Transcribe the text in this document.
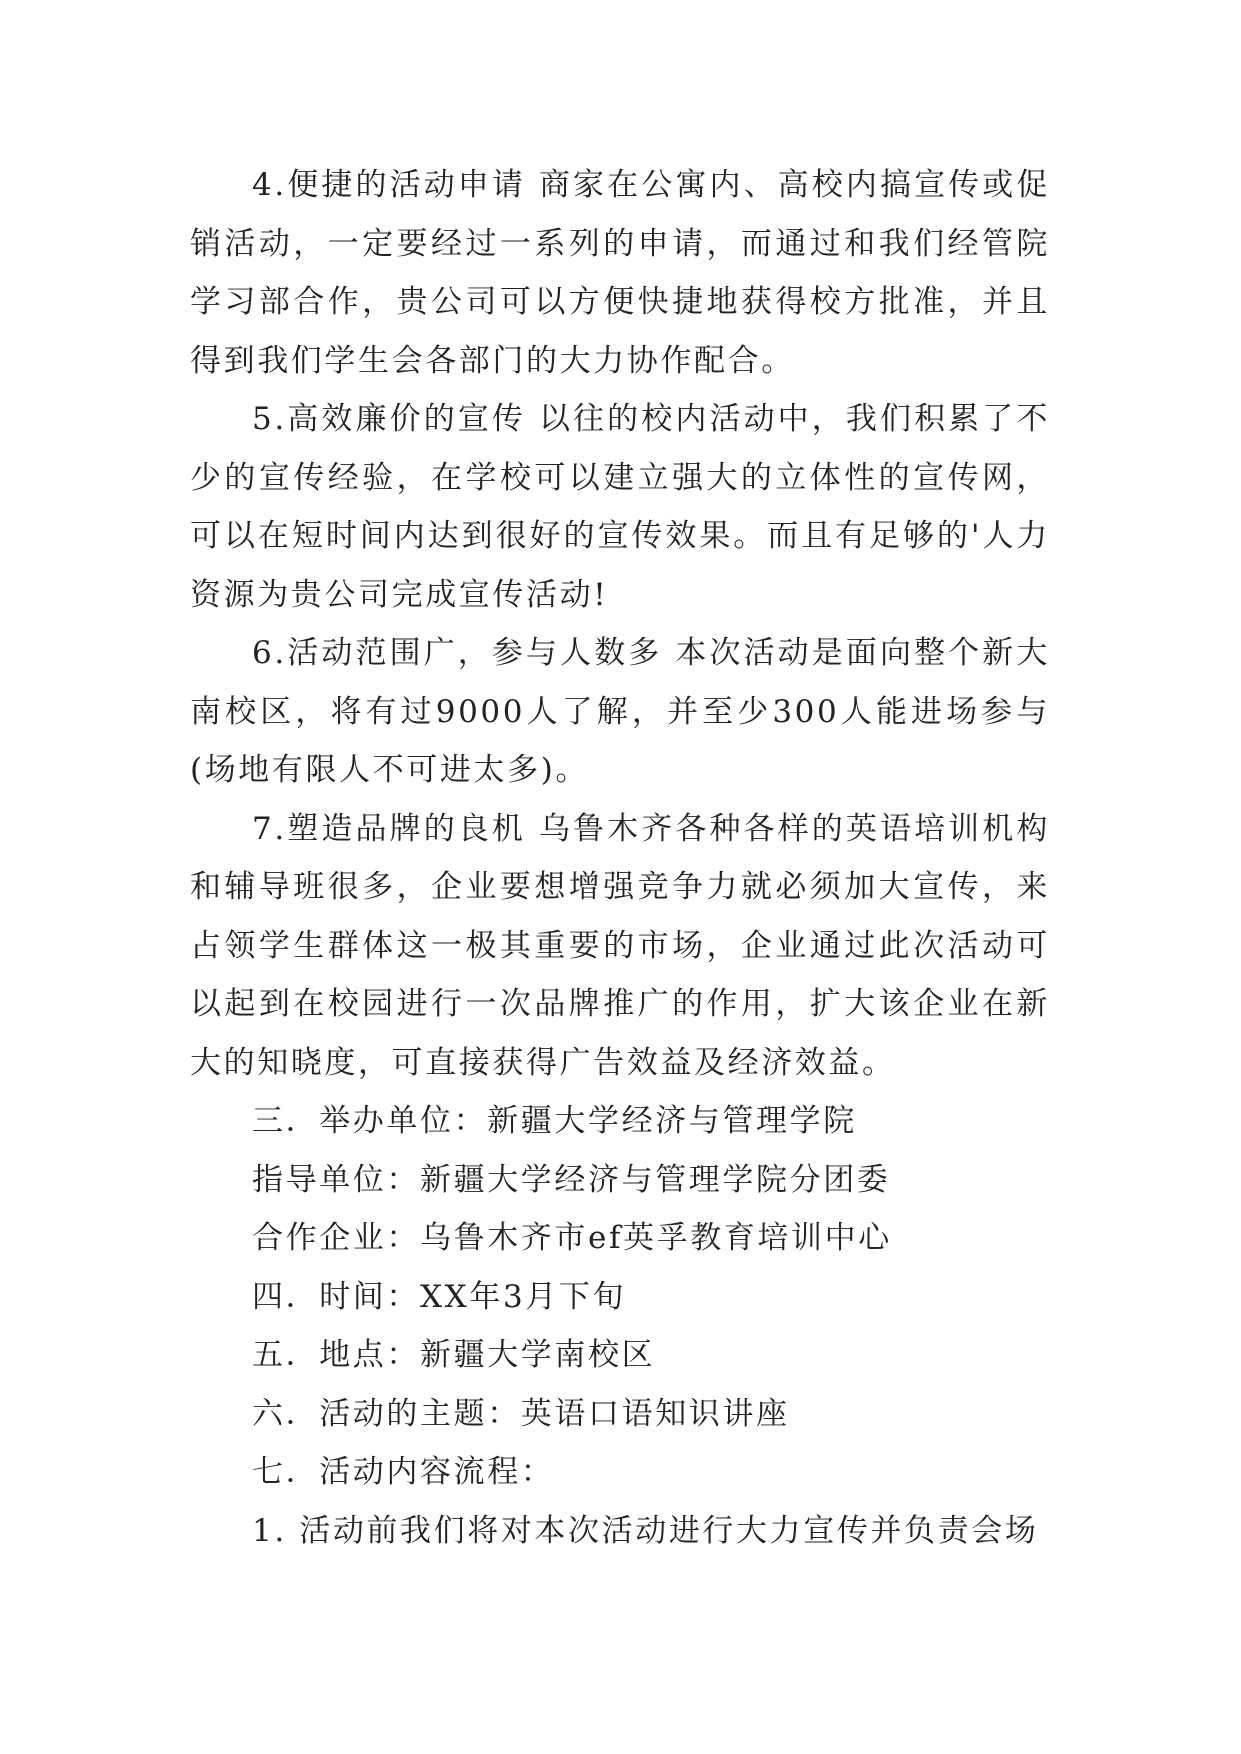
4.便捷的活动申请 商家在公寓内、高校内搞宣传或促销活动，一定要经过一系列的申请，而通过和我们经管院学习部合作，贵公司可以方便快捷地获得校方批准，并且得到我们学生会各部门的大力协作配合。

5.高效廉价的宣传 以往的校内活动中，我们积累了不少的宣传经验，在学校可以建立强大的立体性的宣传网，可以在短时间内达到很好的宣传效果。而且有足够的'人力资源为贵公司完成宣传活动!

6.活动范围广，参与人数多 本次活动是面向整个新大南校区，将有过9000人了解，并至少300人能进场参与(场地有限人不可进太多)。

7.塑造品牌的良机 乌鲁木齐各种各样的英语培训机构和辅导班很多，企业要想增强竞争力就必须加大宣传，来占领学生群体这一极其重要的市场，企业通过此次活动可以起到在校园进行一次品牌推广的作用，扩大该企业在新大的知晓度，可直接获得广告效益及经济效益。

三．举办单位：新疆大学经济与管理学院

指导单位：新疆大学经济与管理学院分团委

合作企业：乌鲁木齐市ef英孚教育培训中心

四．时间：XX年3月下旬

五．地点：新疆大学南校区

六．活动的主题：英语口语知识讲座

七．活动内容流程：

1. 活动前我们将对本次活动进行大力宣传并负责会场
